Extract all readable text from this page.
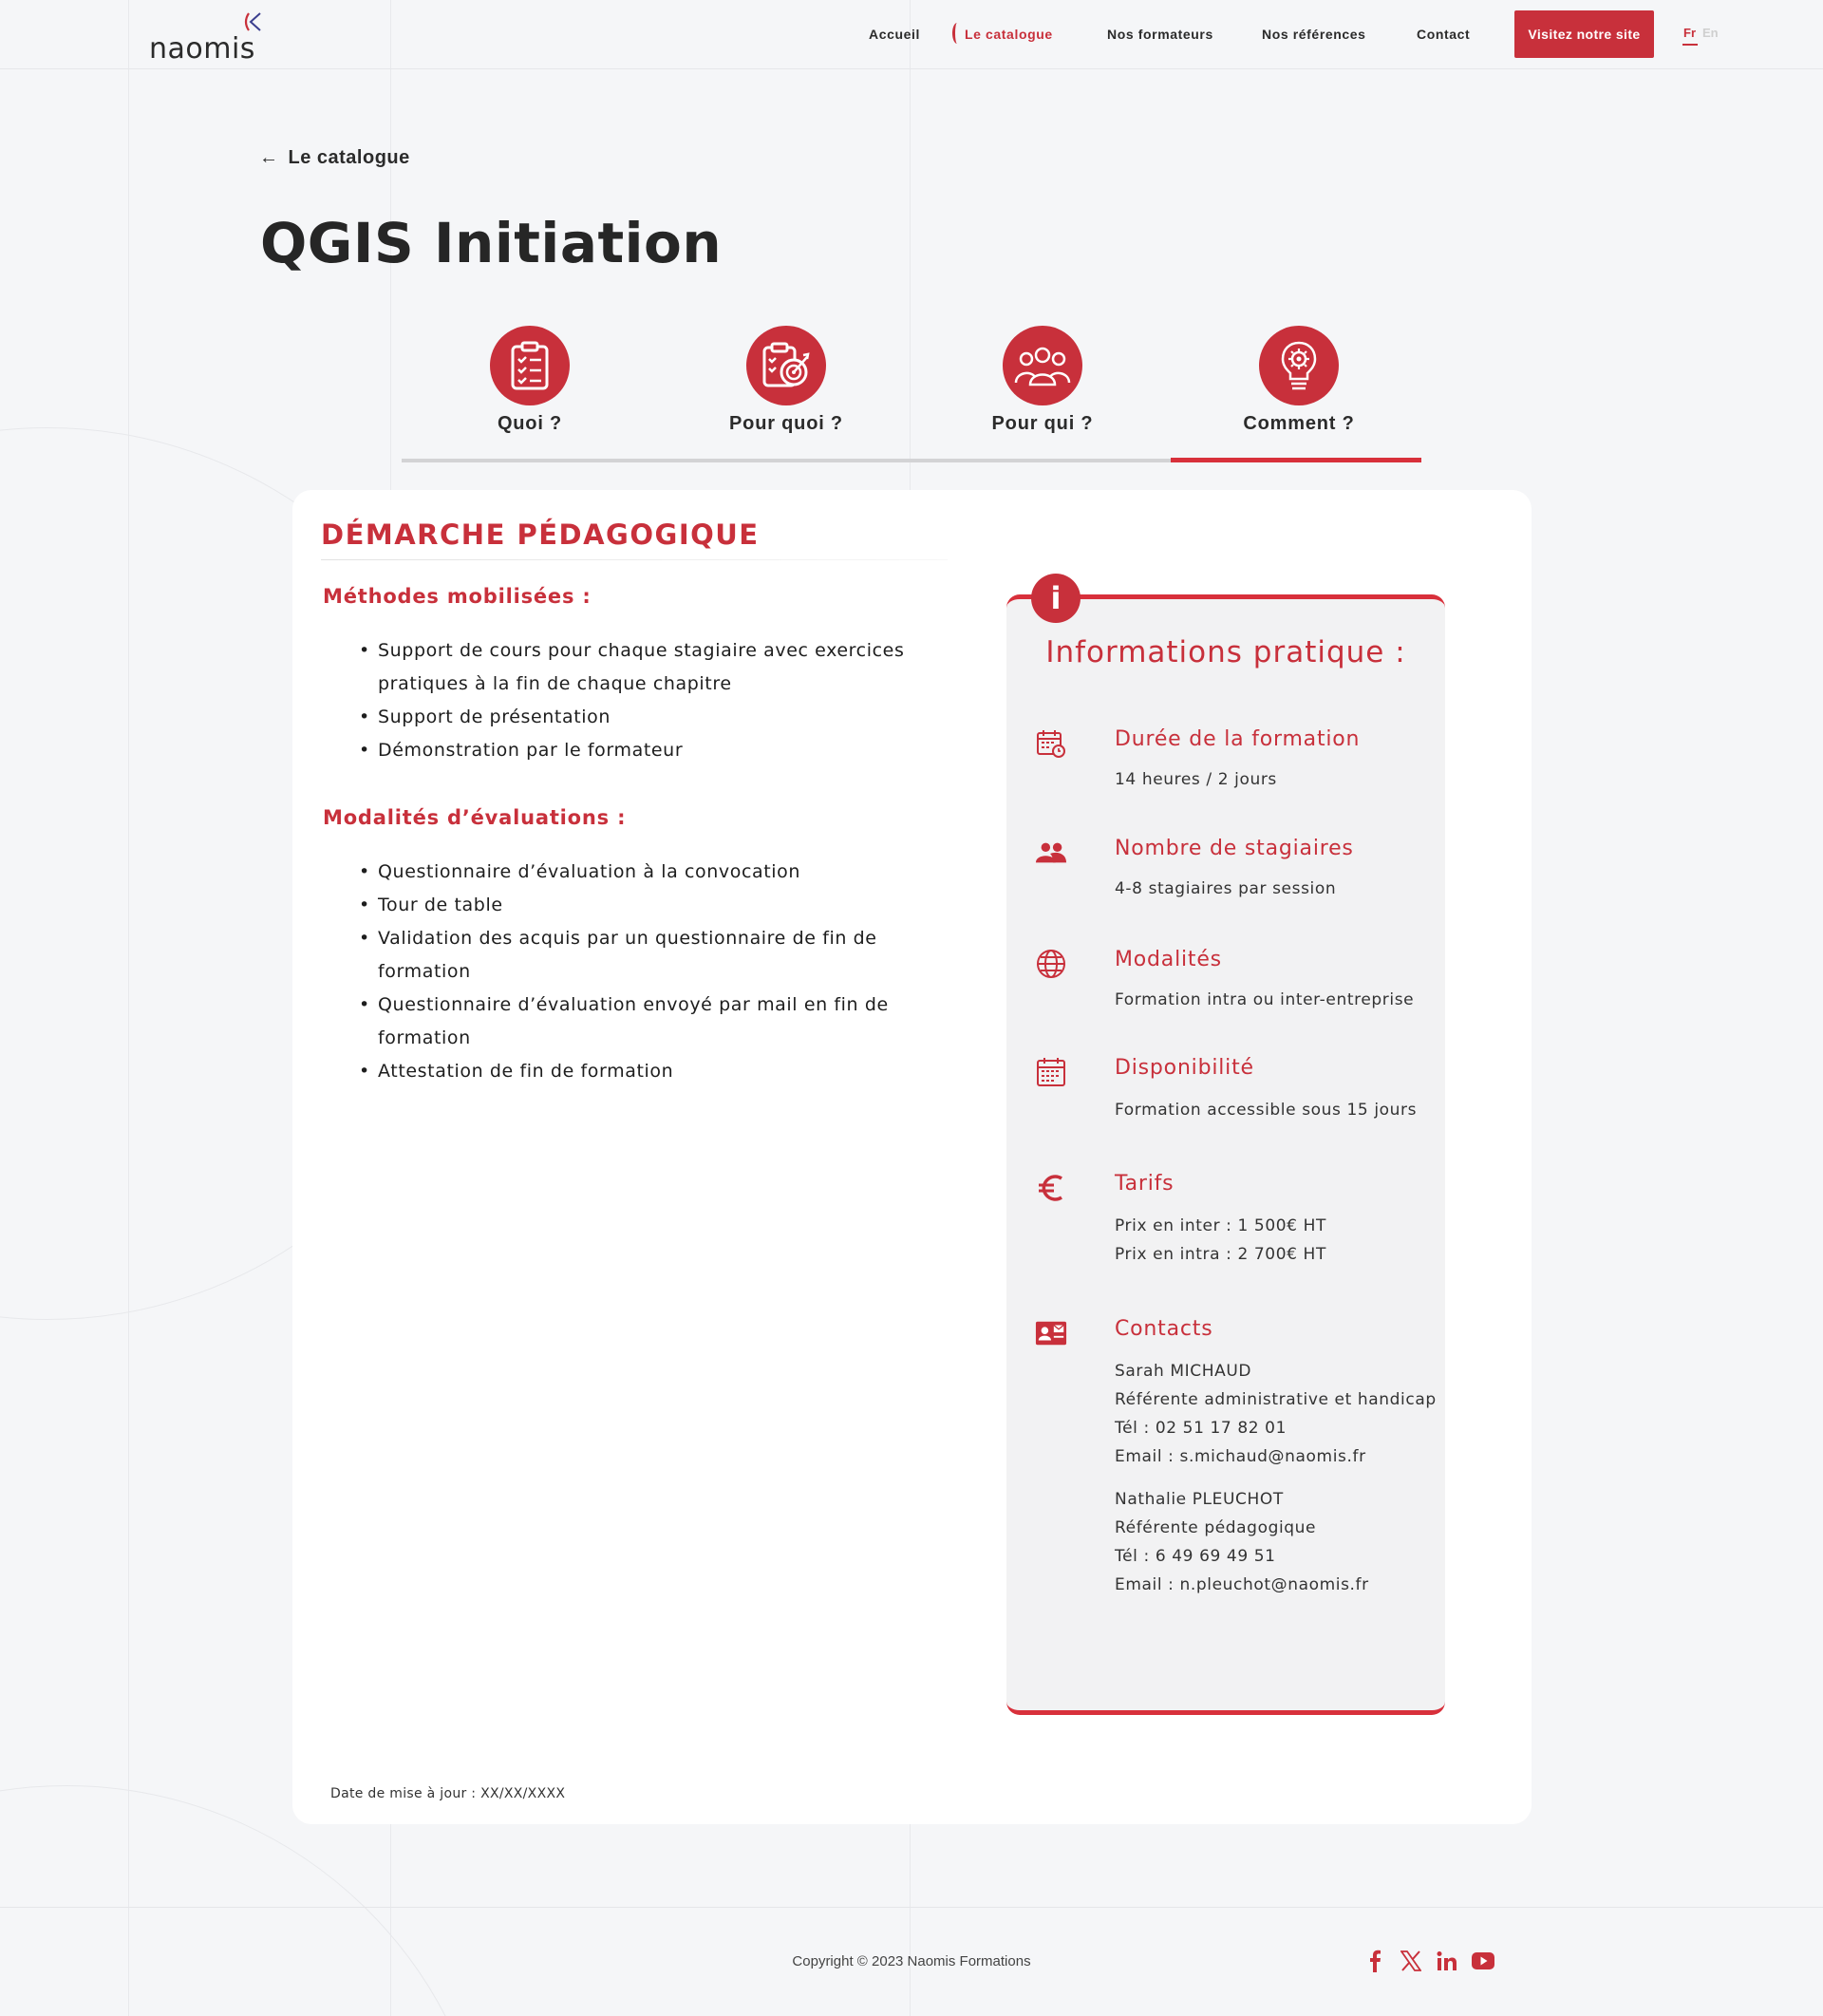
naomis	Accueil	Le catalogue	Nos formateurs	Nos références	Contact	Visitez notre site	Fr En
← Le catalogue
QGIS Initiation
Quoi ?	Pour quoi ?	Pour qui ?	Comment ?
DÉMARCHE PÉDAGOGIQUE
Méthodes mobilisées :
• Support de cours pour chaque stagiaire avec exercices pratiques à la fin de chaque chapitre
• Support de présentation
• Démonstration par le formateur
Modalités d’évaluations :
• Questionnaire d’évaluation à la convocation
• Tour de table
• Validation des acquis par un questionnaire de fin de formation
• Questionnaire d’évaluation envoyé par mail en fin de formation
• Attestation de fin de formation
i
Informations pratique :
Durée de la formation
14 heures / 2 jours
Nombre de stagiaires
4-8 stagiaires par session
Modalités
Formation intra ou inter-entreprise
Disponibilité
Formation accessible sous 15 jours
Tarifs
Prix en inter : 1 500€ HT
Prix en intra : 2 700€ HT
Contacts
Sarah MICHAUD
Référente administrative et handicap
Tél : 02 51 17 82 01
Email : s.michaud@naomis.fr
Nathalie PLEUCHOT
Référente pédagogique
Tél : 6 49 69 49 51
Email : n.pleuchot@naomis.fr
Date de mise à jour : XX/XX/XXXX
Copyright © 2023 Naomis Formations
